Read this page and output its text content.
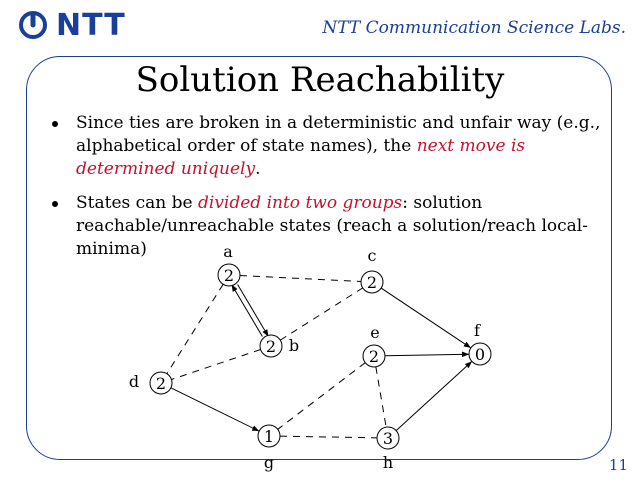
NTT	NTT Communication Science Labs.
Solution Reachability
Since ties are broken in a deterministic and unfair way (e.g., alphabetical order of state names), the next move is determined uniquely.
States can be divided into two groups: solution reachable/unreachable states (reach a solution/reach local-minima)
2
a
2 b
2
c
2
d
2
e
0
f
1
g
3
h	11
